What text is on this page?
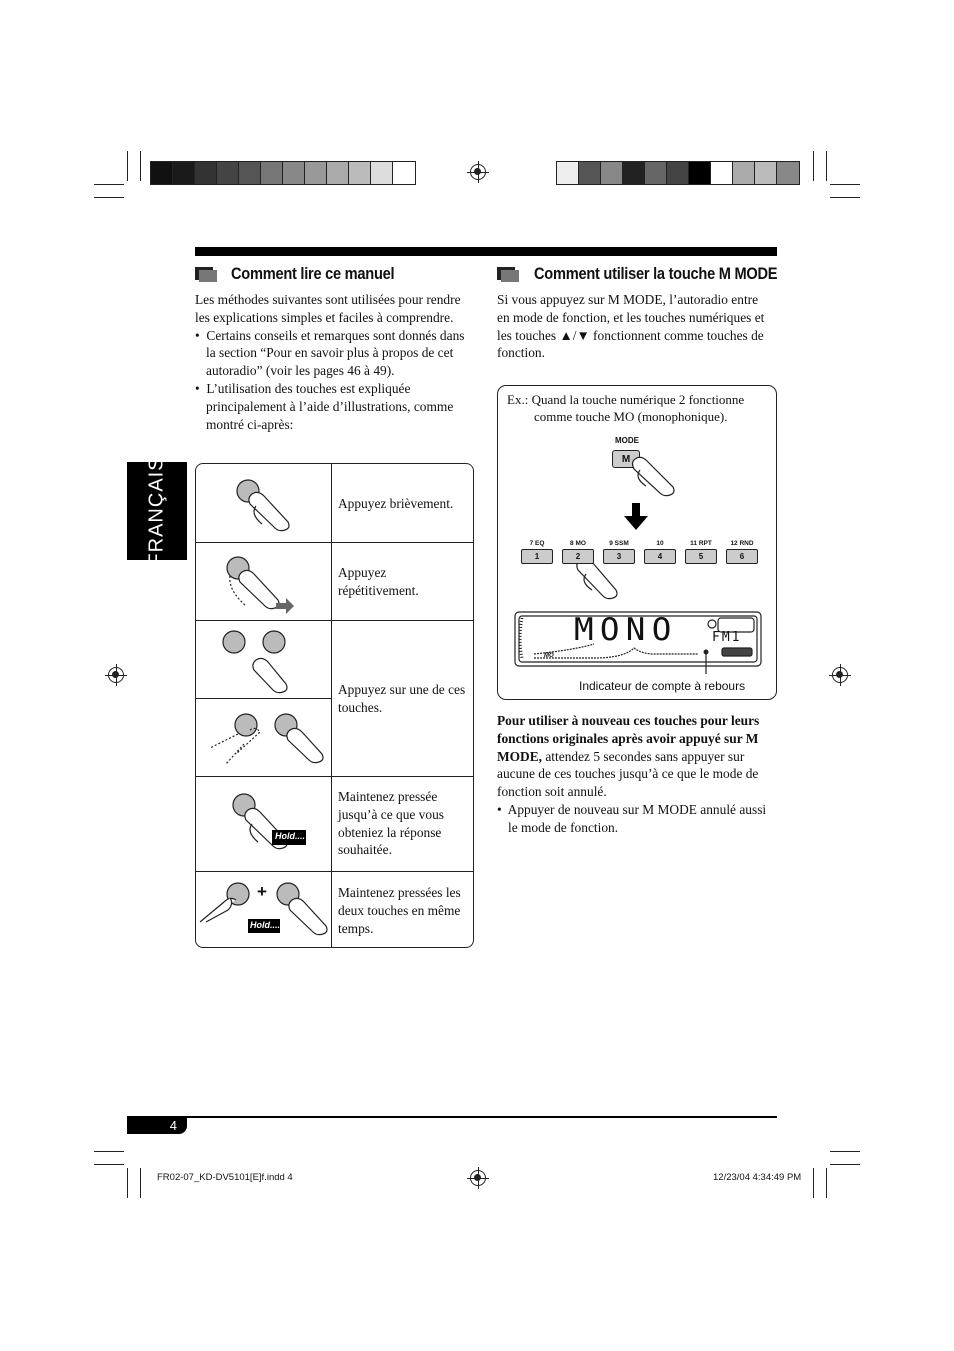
FRANÇAIS
Comment lire ce manuel

Les méthodes suivantes sont utilisées pour rendre les explications simples et faciles à comprendre.

•  Certains conseils et remarques sont donnés dans la section “Pour en savoir plus à propos de cet autoradio” (voir les pages 46 à 49).

•  L’utilisation des touches est expliquée principalement à l’aide d’illustrations, comme montré ci-après:

Appuyez brièvement.
Appuyez répétitivement.
Appuyez sur une de ces touches.
Maintenez pressée jusqu’à ce que vous obteniez la réponse souhaitée.
Maintenez pressées les deux touches en même temps.
Hold....
Hold....
+
Comment utiliser la touche M MODE
Si vous appuyez sur M MODE, l’autoradio entre en mode de fonction, et les touches numériques et les touches ▲/▼ fonctionnent comme touches de fonction.
Ex.: Quand la touche numérique 2 fonctionne
comme touche MO (monophonique).
MODE
M
7 EQ
1
8 MO
2
9 SSM
3
10
4
11 RPT
5
12 RND
6
MONO	FM1
MO
Indicateur de compte à rebours

Pour utiliser à nouveau ces touches pour leurs fonctions originales après avoir appuyé sur M MODE, attendez 5 secondes sans appuyer sur aucune de ces touches jusqu’à ce que le mode de fonction soit annulé.

•  Appuyer de nouveau sur M MODE annulé aussi le mode de fonction.

4
FR02-07_KD-DV5101[E]f.indd 4	12/23/04 4:34:49 PM
